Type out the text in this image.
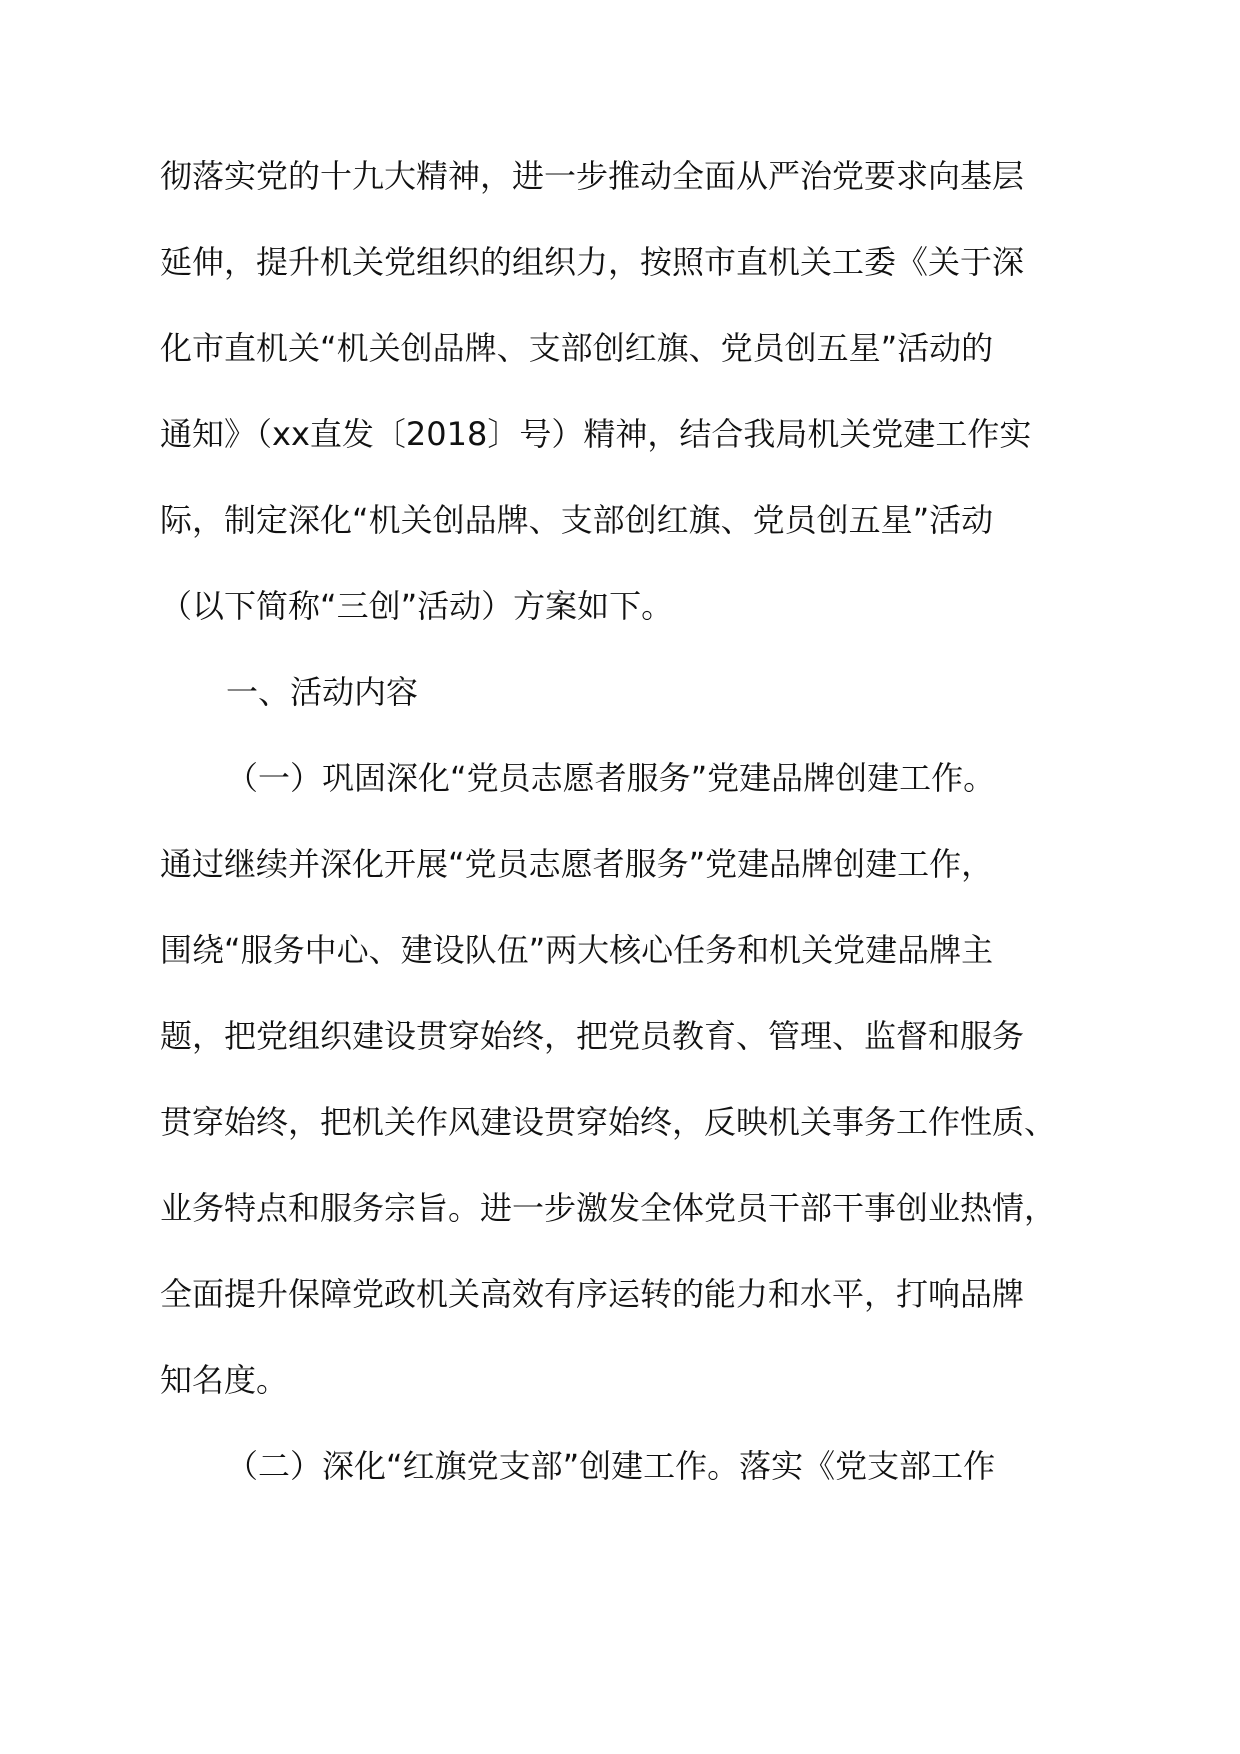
彻落实党的十九大精神，进一步推动全面从严治党要求向基层
延伸，提升机关党组织的组织力，按照市直机关工委《关于深
化市直机关“机关创品牌、支部创红旗、党员创五星”活动的
通知》（xx直发〔2018〕号）精神，结合我局机关党建工作实
际，制定深化“机关创品牌、支部创红旗、党员创五星”活动
（以下简称“三创”活动）方案如下。
一、活动内容
（一）巩固深化“党员志愿者服务”党建品牌创建工作。
通过继续并深化开展“党员志愿者服务”党建品牌创建工作，
围绕“服务中心、建设队伍”两大核心任务和机关党建品牌主
题，把党组织建设贯穿始终，把党员教育、管理、监督和服务
贯穿始终，把机关作风建设贯穿始终，反映机关事务工作性质、
业务特点和服务宗旨。进一步激发全体党员干部干事创业热情，
全面提升保障党政机关高效有序运转的能力和水平，打响品牌
知名度。
（二）深化“红旗党支部”创建工作。落实《党支部工作
